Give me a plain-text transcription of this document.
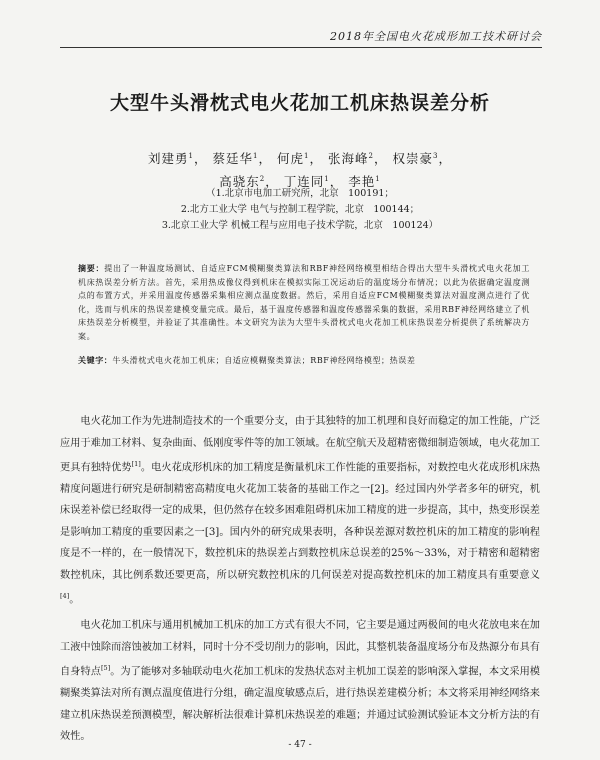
2018年全国电火花成形加工技术研讨会
大型牛头滑枕式电火花加工机床热误差分析
刘建勇$^1$， 蔡廷华$^1$， 何虎$^1$， 张海峰$^2$， 权崇豪$^3$，
高骁东$^2$， 丁连同$^1$， 李艳$^1$
（1.北京市电加工研究所，北京　100191；
2.北方工业大学 电气与控制工程学院，北京　100144；
3.北京工业大学 机械工程与应用电子技术学院，北京　100124）
摘要：提出了一种温度场测试、自适应FCM模糊聚类算法和RBF神经网络模型相结合得出大型牛头滑枕式电火花加工机床热误差分析方法。首先，采用热成像仪得到机床在模拟实际工况运动后的温度场分布情况；以此为依据确定温度测点的布置方式，并采用温度传感器采集相应测点温度数据。然后，采用自适应FCM模糊聚类算法对温度测点进行了优化，选而与机床的热误差建模变量完成。最后，基于温度传感器和温度传感器采集的数据，采用RBF神经网络建立了机床热误差分析模型，并验证了其准确性。本文研究为法为大型牛头滑枕式电火花加工机床热误差分析提供了系统解决方案。
关键字：牛头滑枕式电火花加工机床；自适应模糊聚类算法；RBF神经网络模型；热误差

电火花加工作为先进制造技术的一个重要分支，由于其独特的加工机理和良好而稳定的加工性能，广泛应用于难加工材料、复杂曲面、低刚度零件等的加工领域。在航空航天及超精密微细制造领域，电火花加工更具有独特优势[1]。电火花成形机床的加工精度是衡量机床工作性能的重要指标，对数控电火花成形机床热精度问题进行研究是研制精密高精度电火花加工装备的基础工作之一[2]。经过国内外学者多年的研究，机床误差补偿已经取得一定的成果，但仍然存在较多困难阻碍机床加工精度的进一步提高，其中，热变形误差是影响加工精度的重要因素之一[3]。国内外的研究成果表明，各种误差源对数控机床的加工精度的影响程度是不一样的，在一般情况下，数控机床的热误差占到数控机床总误差的25%～33%，对于精密和超精密数控机床，其比例系数还要更高，所以研究数控机床的几何误差对提高数控机床的加工精度具有重要意义[4]。

电火花加工机床与通用机械加工机床的加工方式有很大不同，它主要是通过两极间的电火花放电来在加工液中蚀除而溶蚀被加工材料，同时十分不受切削力的影响，因此，其整机装备温度场分布及热源分布具有自身特点[5]。为了能够对多轴联动电火花加工机床的发热状态对主机加工误差的影响深入掌握，本文采用模糊聚类算法对所有测点温度值进行分组，确定温度敏感点后，进行热误差建模分析；本文将采用神经网络来建立机床热误差预测模型，解决解析法很难计算机床热误差的难题；并通过试验测试验证本文分析方法的有效性。

- 47 -
